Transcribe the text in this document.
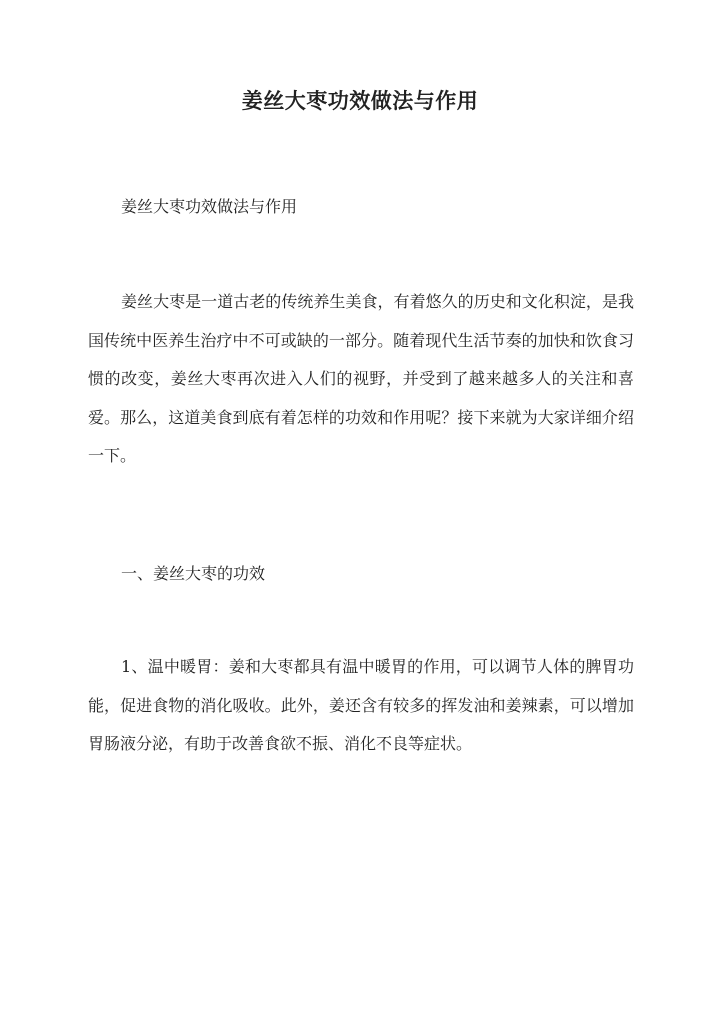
姜丝大枣功效做法与作用
姜丝大枣功效做法与作用
姜丝大枣是一道古老的传统养生美食，有着悠久的历史和文化积淀，是我国传统中医养生治疗中不可或缺的一部分。随着现代生活节奏的加快和饮食习惯的改变，姜丝大枣再次进入人们的视野，并受到了越来越多人的关注和喜爱。那么，这道美食到底有着怎样的功效和作用呢？接下来就为大家详细介绍一下。
一、姜丝大枣的功效
1、温中暖胃：姜和大枣都具有温中暖胃的作用，可以调节人体的脾胃功能，促进食物的消化吸收。此外，姜还含有较多的挥发油和姜辣素，可以增加胃肠液分泌，有助于改善食欲不振、消化不良等症状。
